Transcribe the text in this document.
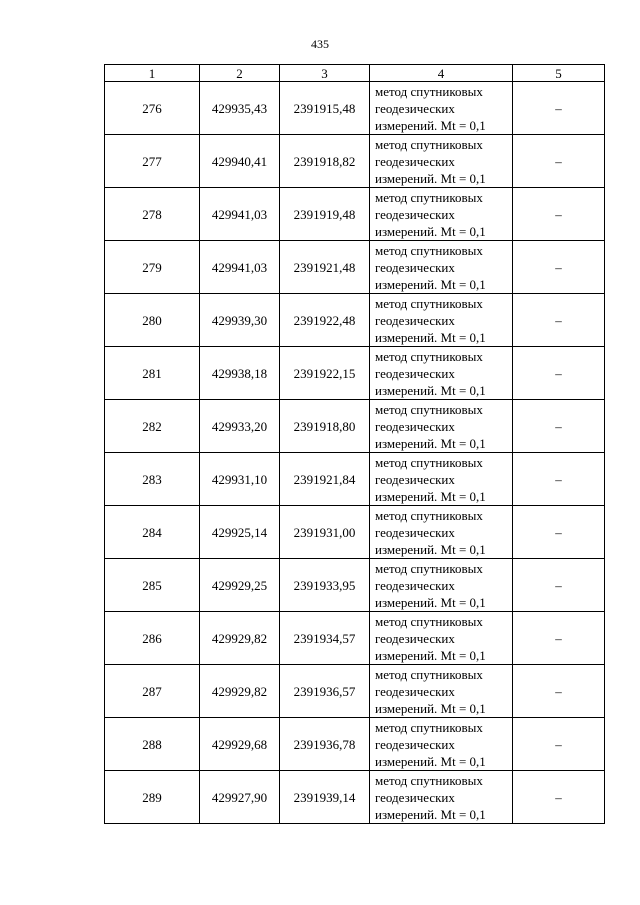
435
1	2	3	4	5
276	429935,43	2391915,48	метод спутниковых
геодезических
измерений. Mt = 0,1	–
277	429940,41	2391918,82	метод спутниковых
геодезических
измерений. Mt = 0,1	–
278	429941,03	2391919,48	метод спутниковых
геодезических
измерений. Mt = 0,1	–
279	429941,03	2391921,48	метод спутниковых
геодезических
измерений. Mt = 0,1	–
280	429939,30	2391922,48	метод спутниковых
геодезических
измерений. Mt = 0,1	–
281	429938,18	2391922,15	метод спутниковых
геодезических
измерений. Mt = 0,1	–
282	429933,20	2391918,80	метод спутниковых
геодезических
измерений. Mt = 0,1	–
283	429931,10	2391921,84	метод спутниковых
геодезических
измерений. Mt = 0,1	–
284	429925,14	2391931,00	метод спутниковых
геодезических
измерений. Mt = 0,1	–
285	429929,25	2391933,95	метод спутниковых
геодезических
измерений. Mt = 0,1	–
286	429929,82	2391934,57	метод спутниковых
геодезических
измерений. Mt = 0,1	–
287	429929,82	2391936,57	метод спутниковых
геодезических
измерений. Mt = 0,1	–
288	429929,68	2391936,78	метод спутниковых
геодезических
измерений. Mt = 0,1	–
289	429927,90	2391939,14	метод спутниковых
геодезических
измерений. Mt = 0,1	–
